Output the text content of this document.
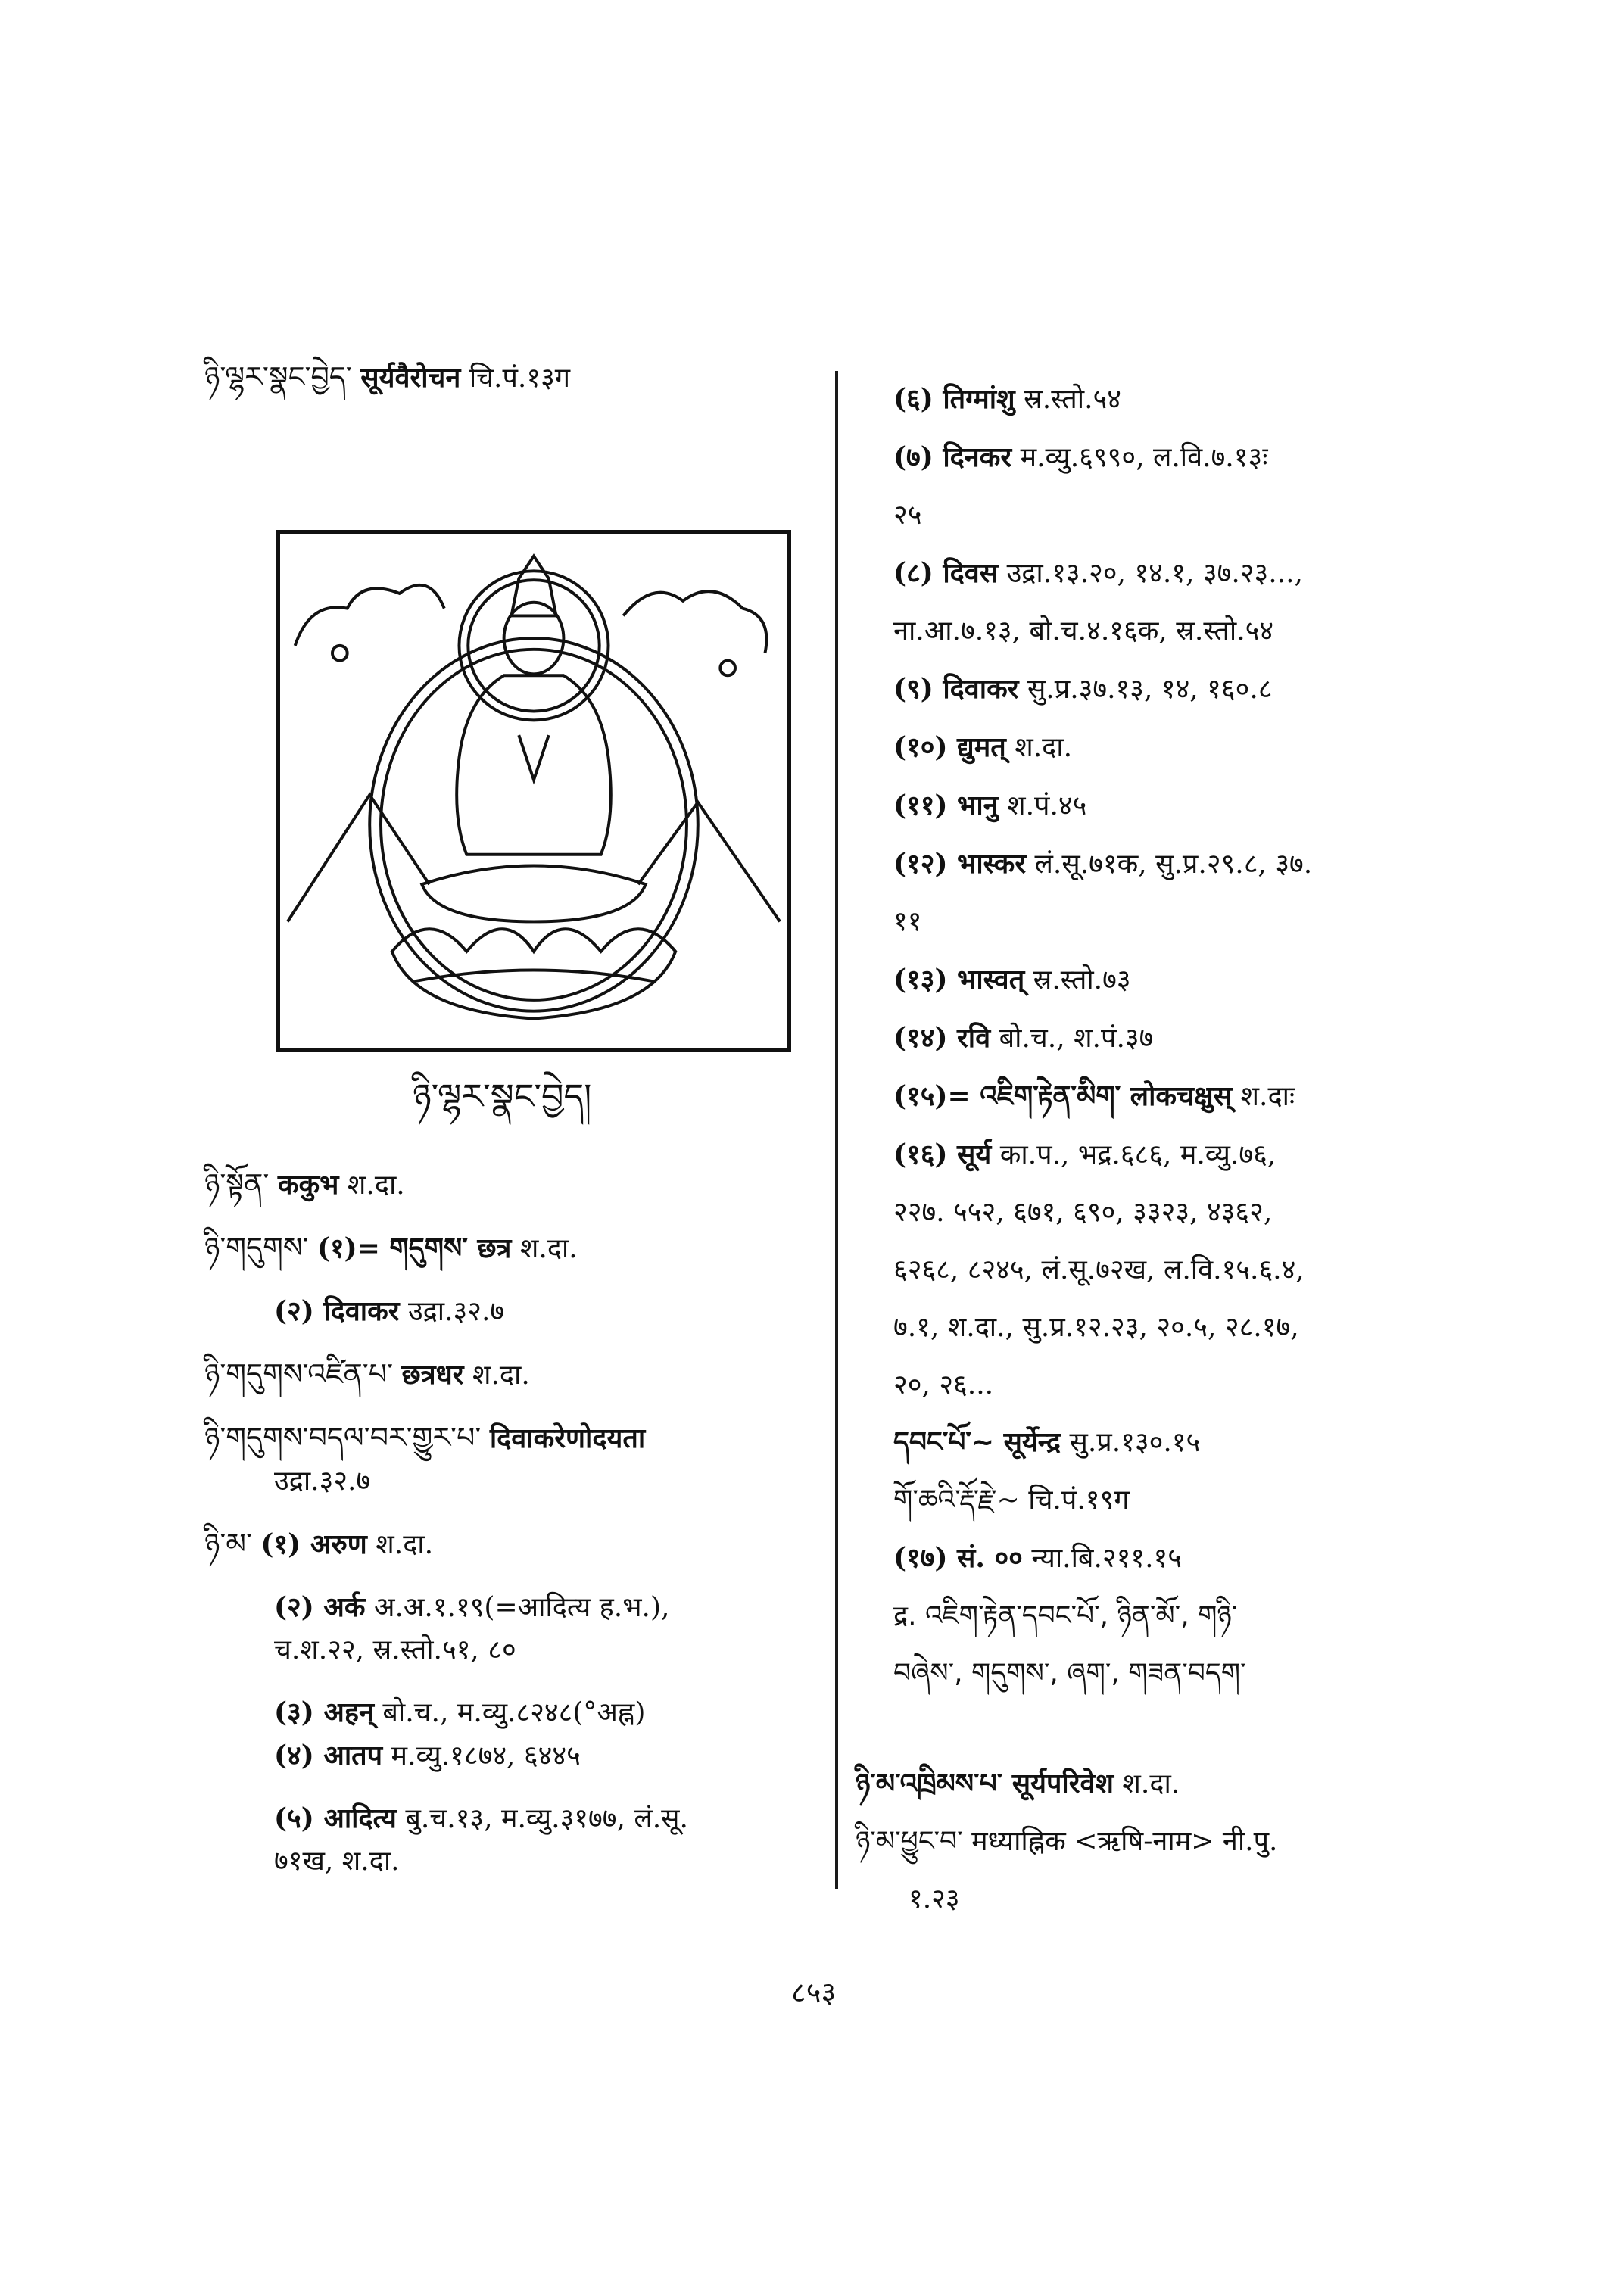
ཉི་ལྷར་སྣང་བྱེད་ सूर्यवैरोचन चि.पं.१३ग
ཉི་ལྷར་སྣང་བྱེད།
ཉི་སྟོན་ ककुभ श.दा.
ཉི་གདུགས་ (१)= གདུགས་ छत्र श.दा.
(२) दिवाकर उद्रा.३२.७
ཉི་གདུགས་འཛིན་པ་ छत्रधर श.दा.
ཉི་གདུགས་བདལ་བར་གྱུར་པ་ दिवाकरेणोदयता
उद्रा.३२.७
ཉི་མ་ (१) अरुण श.दा.
(२) अर्क अ.अ.१.१९(=आदित्य ह.भ.),
च.श.२२, स्र.स्तो.५१, ८०
(३) अहन् बो.च., म.व्यु.८२४८(°अह्न)
(४) आतप म.व्यु.१८७४, ६४४५
(५) आदित्य बु.च.१३, म.व्यु.३१७७, लं.सू.
७१ख, श.दा.
(६) तिग्मांशु स्र.स्तो.५४
(७) दिनकर म.व्यु.६९९०, ल.वि.७.१३ः
२५
(८) दिवस उद्रा.१३.२०, १४.१, ३७.२३...,
ना.आ.७.१३, बो.च.४.१६क, स्र.स्तो.५४
(९) दिवाकर सु.प्र.३७.१३, १४, १६०.८
(१०) द्युमत् श.दा.
(११) भानु श.पं.४५
(१२) भास्कर लं.सू.७१क, सु.प्र.२९.८, ३७.
११
(१३) भास्वत् स्र.स्तो.७३
(१४) रवि बो.च., श.पं.३७
(१५)= འཇིག་རྟེན་མིག་ लोकचक्षुस् श.दाः
(१६) सूर्य का.प., भद्र.६८६, म.व्यु.७६,
२२७. ५५२, ६७१, ६९०, ३३२३, ४३६२,
६२६८, ८२४५, लं.सू.७२ख, ल.वि.१५.६.४,
७.१, श.दा., सु.प्र.१२.२३, २०.५, २८.१७,
२०, २६...
དབང་པོ་~ सूर्येन्द्र सु.प्र.१३०.१५
གོ་ཆའི་རྡོ་རྗེ་~ चि.पं.१९ग
(१७) सं. ०० न्या.बि.२११.१५
द्र. འཇིག་རྟེན་དབང་པོ་, ཉིན་མོ་, གཉི་
བཞེས་, གདུགས་, ཞག་, གཟན་བདག་
ཉི་མ་འཁྲིམས་པ་ सूर्यपरिवेश श.दा.
ཉི་མ་ཕྱུང་བ་ मध्याह्निक <ऋषि-नाम> नी.पु.
१.२३
८५३
